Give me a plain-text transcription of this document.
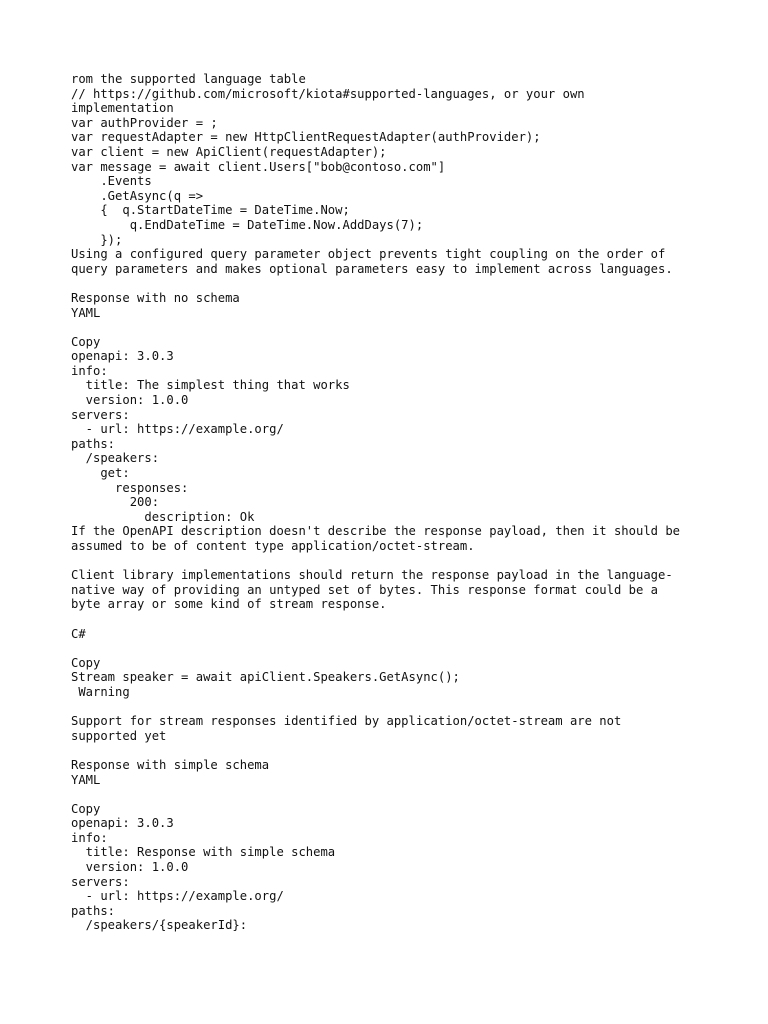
rom the supported language table
// https://github.com/microsoft/kiota#supported-languages, or your own
implementation
var authProvider = ;
var requestAdapter = new HttpClientRequestAdapter(authProvider);
var client = new ApiClient(requestAdapter);
var message = await client.Users["bob@contoso.com"]
.Events
.GetAsync(q =>
{  q.StartDateTime = DateTime.Now;
q.EndDateTime = DateTime.Now.AddDays(7);
});
Using a configured query parameter object prevents tight coupling on the order of
query parameters and makes optional parameters easy to implement across languages.
Response with no schema
YAML
Copy
openapi: 3.0.3
info:
title: The simplest thing that works
version: 1.0.0
servers:
- url: https://example.org/
paths:
/speakers:
get:
responses:
200:
description: Ok
If the OpenAPI description doesn't describe the response payload, then it should be
assumed to be of content type application/octet-stream.
Client library implementations should return the response payload in the language-
native way of providing an untyped set of bytes. This response format could be a
byte array or some kind of stream response.
C#
Copy
Stream speaker = await apiClient.Speakers.GetAsync();
Warning
Support for stream responses identified by application/octet-stream are not
supported yet
Response with simple schema
YAML
Copy
openapi: 3.0.3
info:
title: Response with simple schema
version: 1.0.0
servers:
- url: https://example.org/
paths:
/speakers/{speakerId}:
